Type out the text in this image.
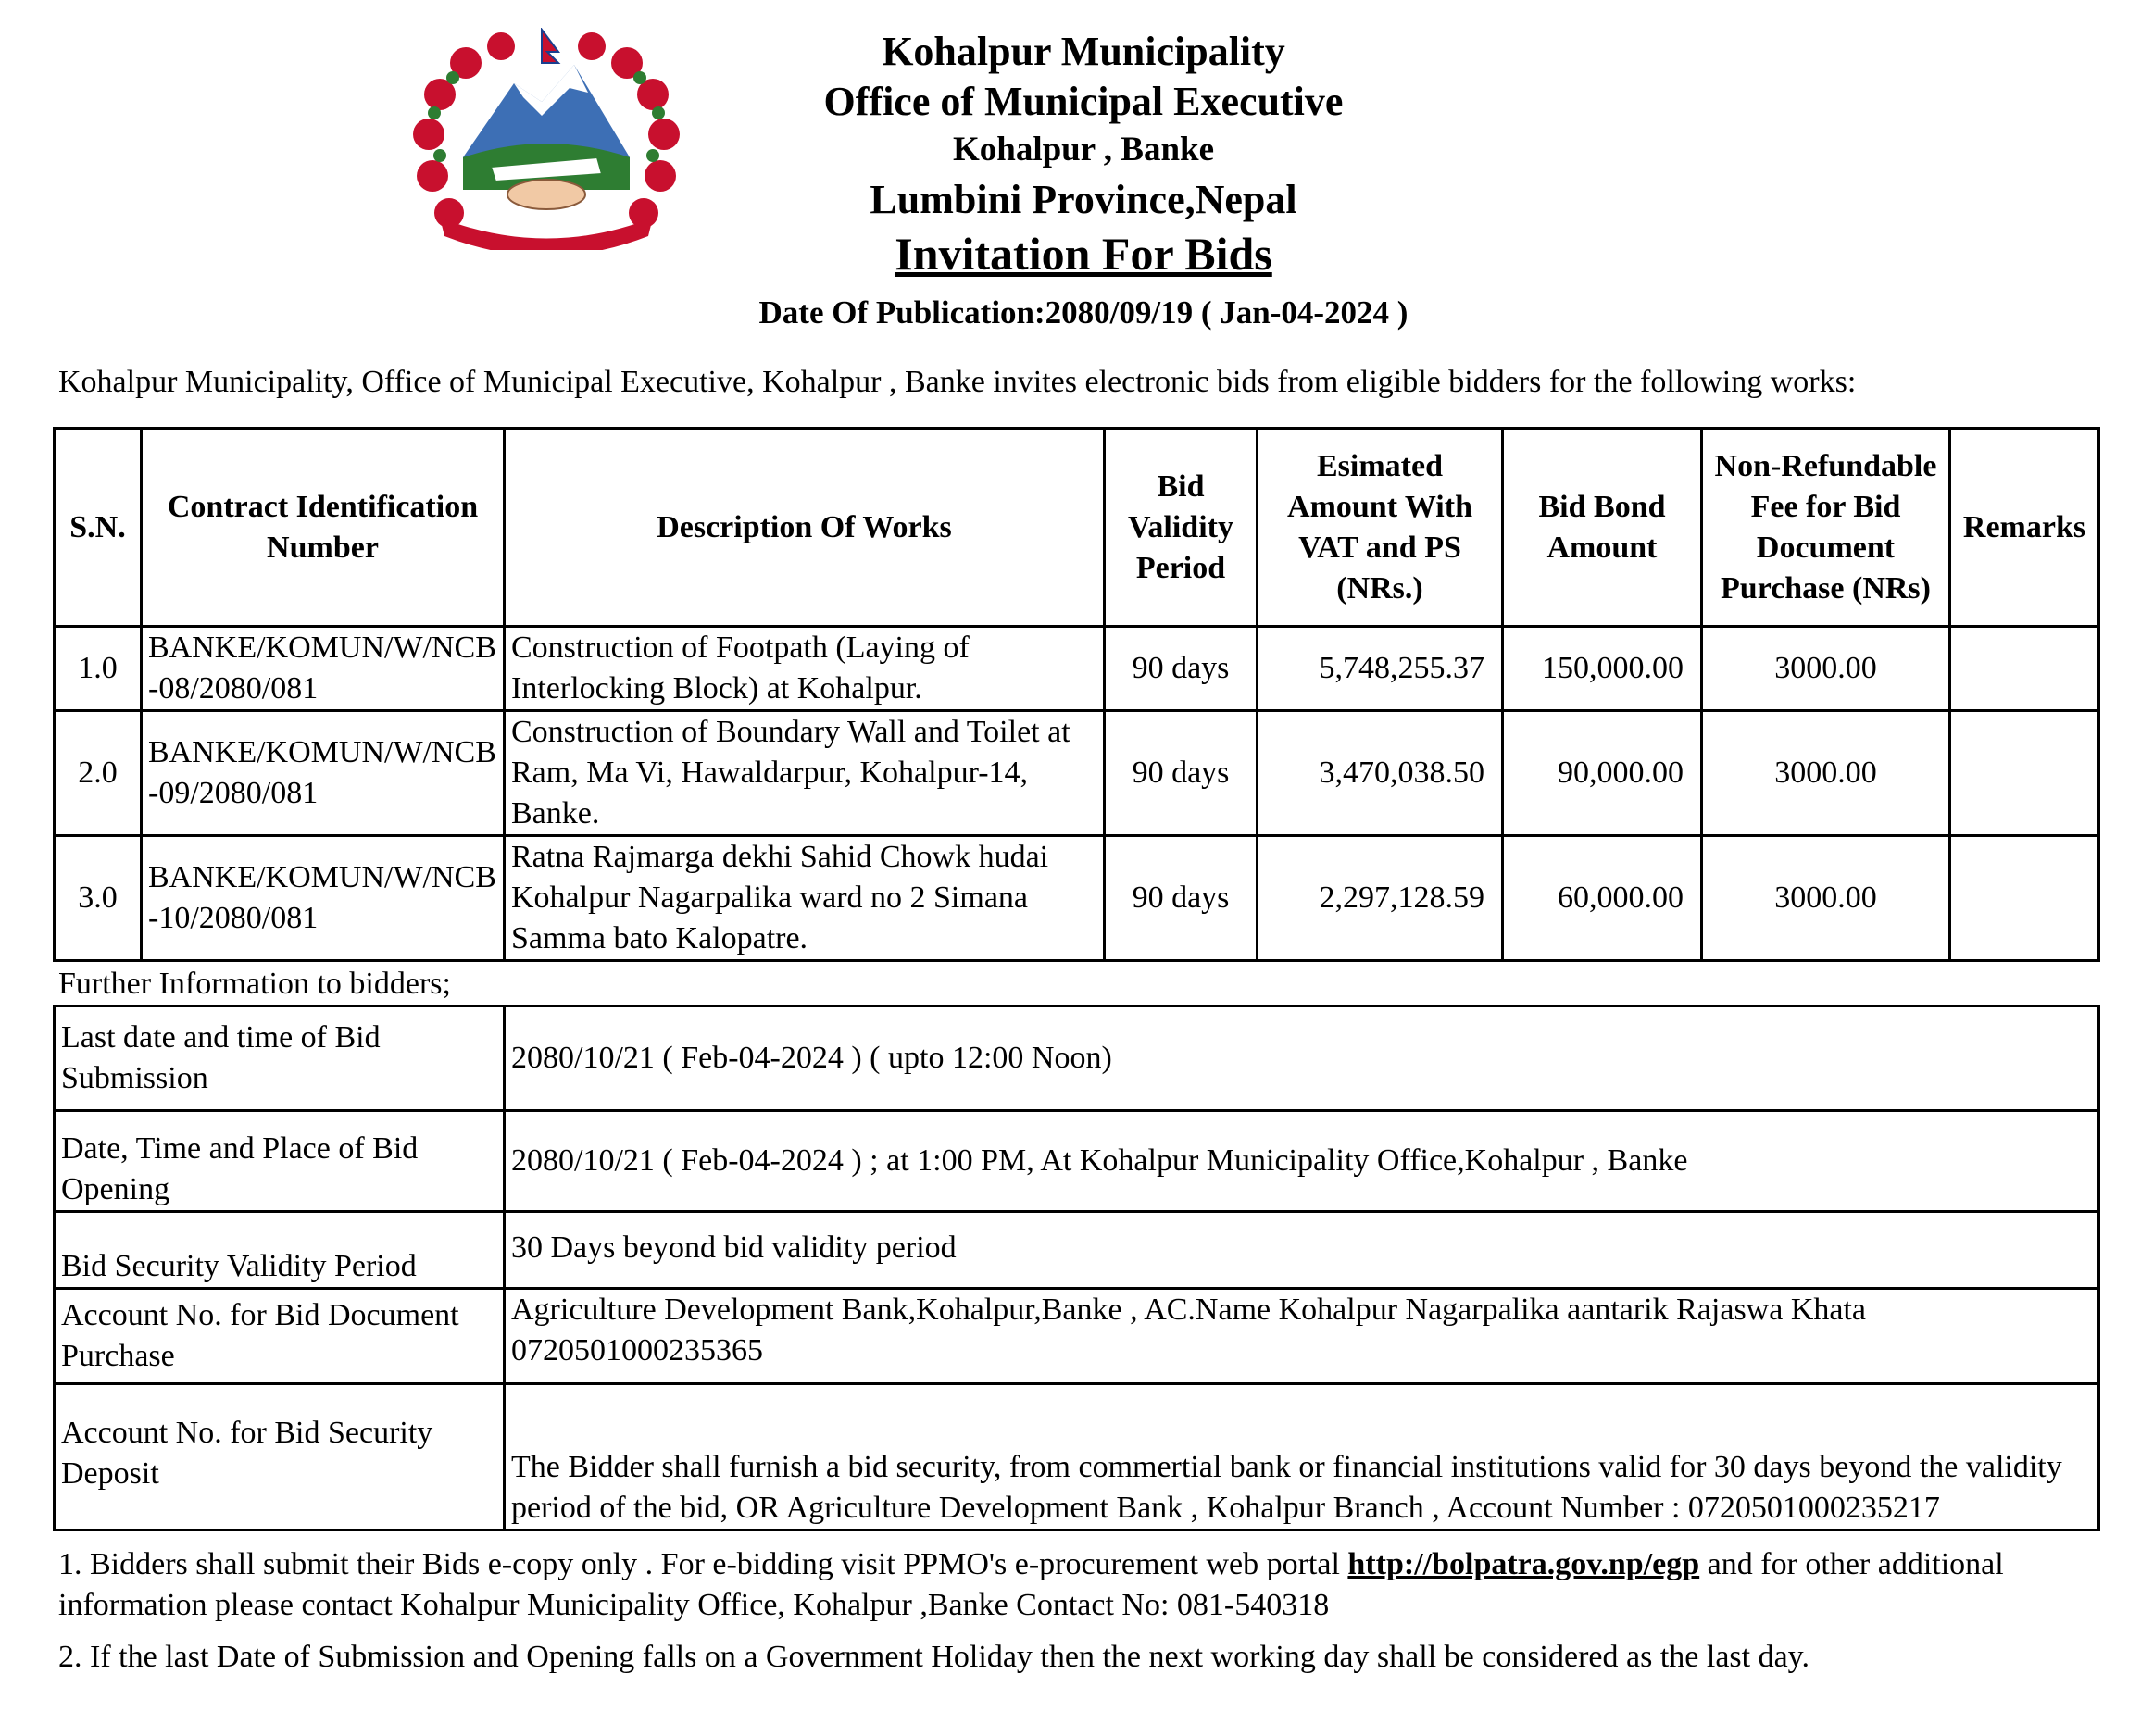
Kohalpur Municipality
Office of Municipal Executive
Kohalpur , Banke
Lumbini Province,Nepal
Invitation For Bids
Date Of Publication:2080/09/19 ( Jan-04-2024 )
Kohalpur Municipality, Office of Municipal Executive, Kohalpur , Banke invites electronic bids from eligible bidders for the following works:
S.N.	Contract Identification Number	Description Of Works	Bid Validity Period	Esimated Amount With VAT and PS (NRs.)	Bid Bond Amount	Non-Refundable Fee for Bid Document Purchase (NRs)	Remarks
1.0	BANKE/KOMUN/W/NCB-08/2080/081	Construction of Footpath (Laying of Interlocking Block) at Kohalpur.	90 days	5,748,255.37	150,000.00	3000.00	
2.0	BANKE/KOMUN/W/NCB-09/2080/081	Construction of Boundary Wall and Toilet at Ram, Ma Vi, Hawaldarpur, Kohalpur-14, Banke.	90 days	3,470,038.50	90,000.00	3000.00	
3.0	BANKE/KOMUN/W/NCB-10/2080/081	Ratna Rajmarga dekhi Sahid Chowk hudai Kohalpur Nagarpalika ward no 2 Simana Samma bato Kalopatre.	90 days	2,297,128.59	60,000.00	3000.00	
Further Information to bidders;
Last date and time of Bid Submission	2080/10/21 ( Feb-04-2024 ) ( upto 12:00 Noon)
Date, Time and Place of Bid Opening	2080/10/21 ( Feb-04-2024 ) ; at 1:00 PM, At Kohalpur Municipality Office,Kohalpur , Banke
Bid Security Validity Period	30 Days beyond bid validity period
Account No. for Bid Document Purchase	Agriculture Development Bank,Kohalpur,Banke , AC.Name Kohalpur Nagarpalika aantarik Rajaswa Khata 0720501000235365
Account No. for Bid Security Deposit	The Bidder shall furnish a bid security, from commertial bank or financial institutions valid for 30 days beyond the validity period of the bid, OR Agriculture Development Bank , Kohalpur Branch , Account Number : 0720501000235217
1. Bidders shall submit their Bids e-copy only . For e-bidding visit PPMO's e-procurement web portal http://bolpatra.gov.np/egp and for other additional information please contact Kohalpur Municipality Office, Kohalpur ,Banke Contact No: 081-540318
2. If the last Date of Submission and Opening falls on a Government Holiday then the next working day shall be considered as the last day.
